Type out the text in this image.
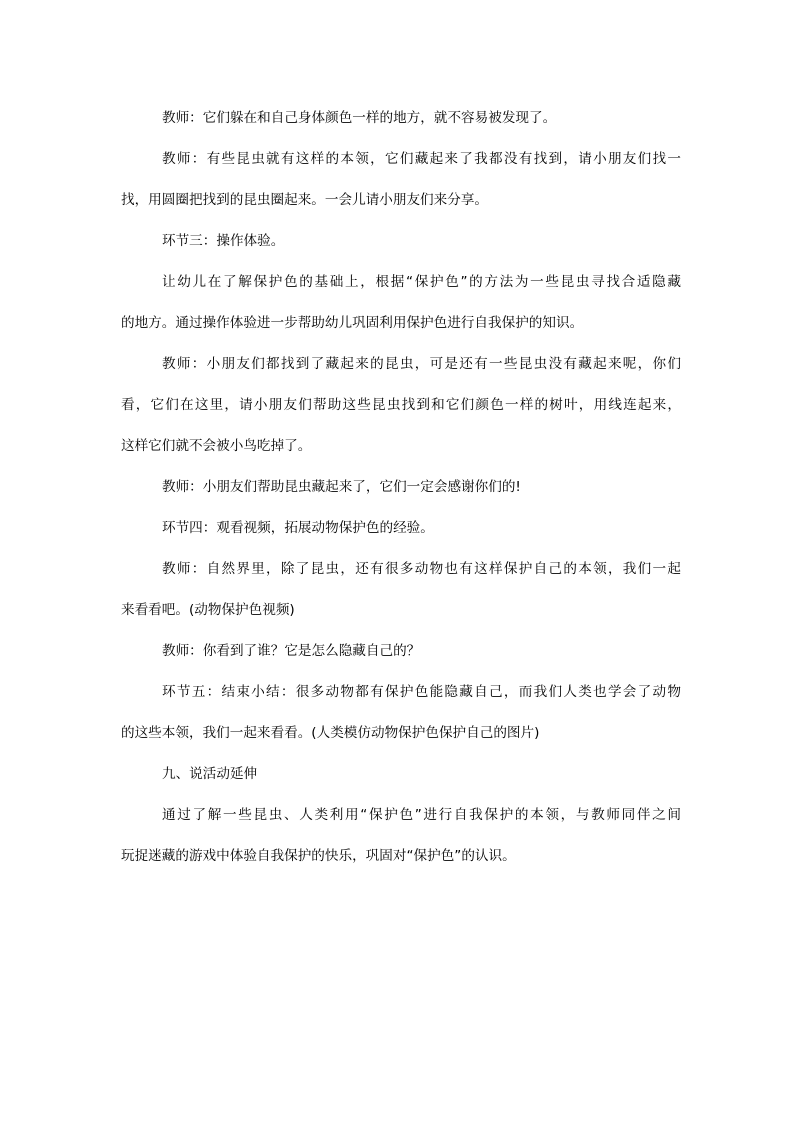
教师：它们躲在和自己身体颜色一样的地方，就不容易被发现了。
教师：有些昆虫就有这样的本领，它们藏起来了我都没有找到，请小朋友们找一
找，用圆圈把找到的昆虫圈起来。一会儿请小朋友们来分享。
环节三：操作体验。
让幼儿在了解保护色的基础上，根据“保护色”的方法为一些昆虫寻找合适隐藏
的地方。通过操作体验进一步帮助幼儿巩固利用保护色进行自我保护的知识。
教师：小朋友们都找到了藏起来的昆虫，可是还有一些昆虫没有藏起来呢，你们
看，它们在这里，请小朋友们帮助这些昆虫找到和它们颜色一样的树叶，用线连起来，
这样它们就不会被小鸟吃掉了。
教师：小朋友们帮助昆虫藏起来了，它们一定会感谢你们的!
环节四：观看视频，拓展动物保护色的经验。
教师：自然界里，除了昆虫，还有很多动物也有这样保护自己的本领，我们一起
来看看吧。(动物保护色视频)
教师：你看到了谁？它是怎么隐藏自己的？
环节五：结束小结：很多动物都有保护色能隐藏自己，而我们人类也学会了动物
的这些本领，我们一起来看看。(人类模仿动物保护色保护自己的图片)
九、说活动延伸
通过了解一些昆虫、人类利用“保护色”进行自我保护的本领，与教师同伴之间
玩捉迷藏的游戏中体验自我保护的快乐，巩固对“保护色”的认识。
